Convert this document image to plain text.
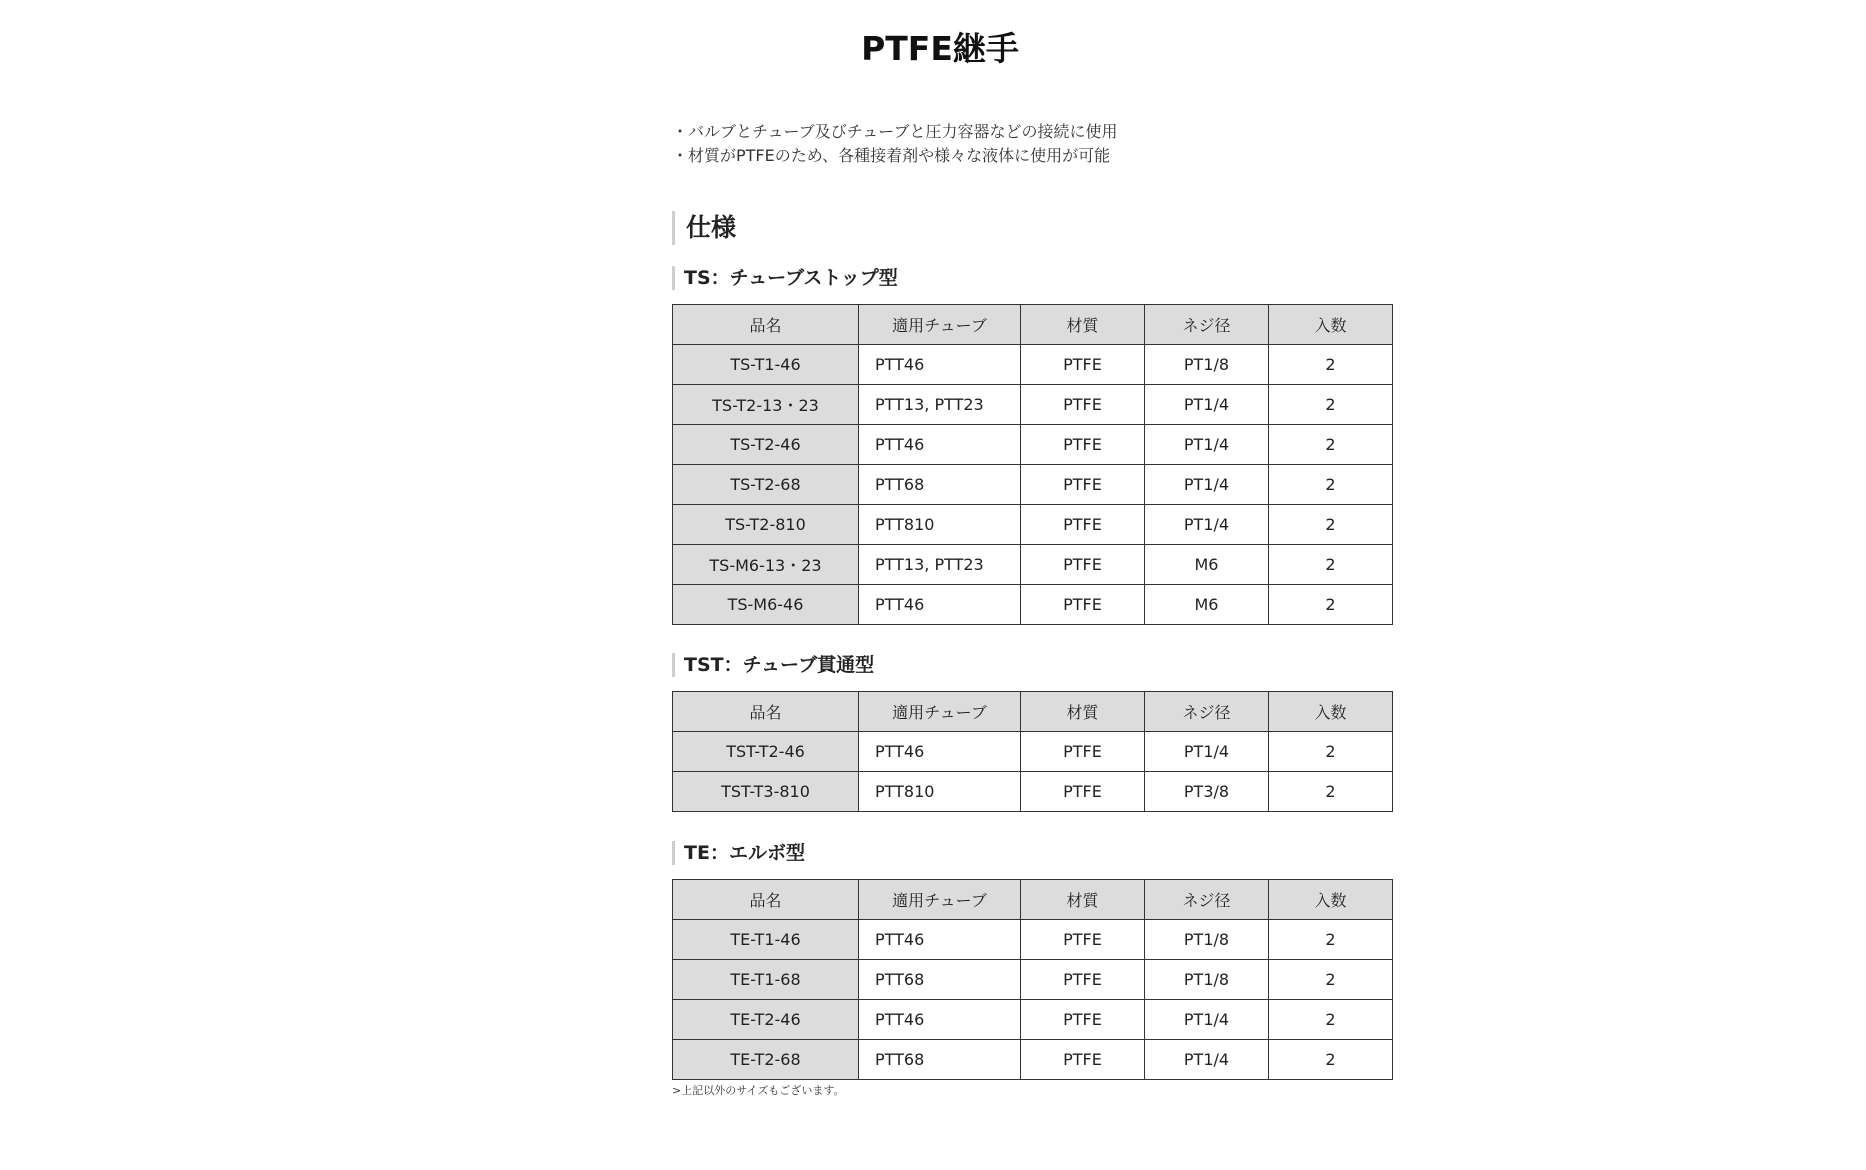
PTFE継手

・バルブとチューブ及びチューブと圧力容器などの接続に使用

・材質がPTFEのため、各種接着剤や様々な液体に使用が可能

仕様
TS：チューブストップ型
品名	適用チューブ	材質	ネジ径	入数
TS-T1-46	PTT46	PTFE	PT1/8	2
TS-T2-13・23	PTT13, PTT23	PTFE	PT1/4	2
TS-T2-46	PTT46	PTFE	PT1/4	2
TS-T2-68	PTT68	PTFE	PT1/4	2
TS-T2-810	PTT810	PTFE	PT1/4	2
TS-M6-13・23	PTT13, PTT23	PTFE	M6	2
TS-M6-46	PTT46	PTFE	M6	2
TST：チューブ貫通型
品名	適用チューブ	材質	ネジ径	入数
TST-T2-46	PTT46	PTFE	PT1/4	2
TST-T3-810	PTT810	PTFE	PT3/8	2
TE：エルボ型
品名	適用チューブ	材質	ネジ径	入数
TE-T1-46	PTT46	PTFE	PT1/8	2
TE-T1-68	PTT68	PTFE	PT1/8	2
TE-T2-46	PTT46	PTFE	PT1/4	2
TE-T2-68	PTT68	PTFE	PT1/4	2
>上記以外のサイズもございます。
